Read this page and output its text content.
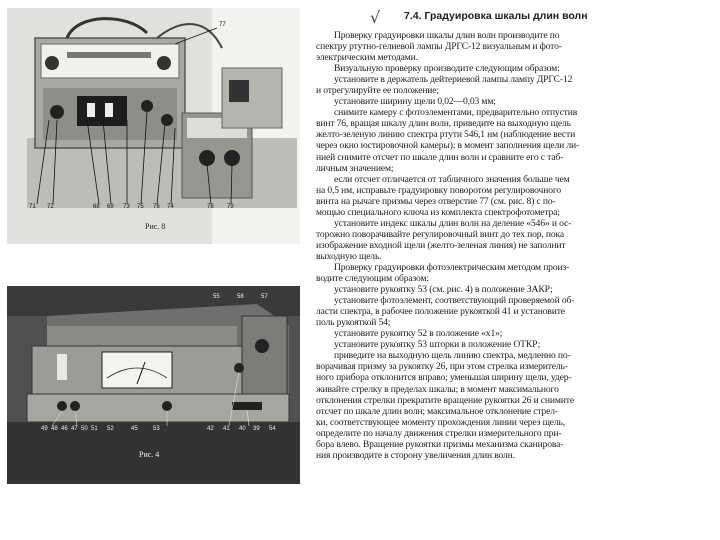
77
71 72	68 69 73 75 76 74	78 79
Рис. 8
55	58	57
49 48 46 47 50 51 52	45	53	42 41 40 39 54
Рис. 4
√ 7.4. Градуировка шкалы длин волн
Проверку градуировки шкалы длин волн производите по
спектру ртутно-гелиевой лампы ДРГС-12 визуальным и фото-
электрическим методами.
Визуальную проверку производите следующим образом:
установите в держатель дейтериевой лампы лампу ДРГС-12
и отрегулируйте ее положение;
установите ширину щели 0,02—0,03 мм;
снимите камеру с фотоэлементами, предварительно отпустив
винт 76, вращая шкалу длин волн, приведите на выходную щель
желто-зеленую линию спектра ртути 546,1 нм (наблюдение вести
через окно юстировочной камеры); в момент заполнения щели ли-
нией снимите отсчет по шкале длин волн и сравните его с таб-
личным значением;
если отсчет отличается от табличного значения больше чем
на 0,5 нм, исправьте градуировку поворотом регулировочного
винта на рычаге призмы через отверстие 77 (см. рис. 8) с по-
мощью специального ключа из комплекта спектрофотометра;
установите индекс шкалы длин волн на деление «546» и ос-
торожно поворачивайте регулировочный винт до тех пор, пока
изображение входной щели (желто-зеленая линия) не заполнит
выходную щель.
Проверку градуировки фотоэлектрическим методом произ-
водите следующим образом:
установите рукоятку 53 (см. рис. 4) в положение ЗАКР;
установите фотоэлемент, соответствующий проверяемой об-
ласти спектра, в рабочее положение рукояткой 41 и установите
поль рукояткой 54;
установите рукоятку 52 в положение «х1»;
установите рукоятку 53 шторки в положение ОТКР;
приведите на выходную щель линию спектра, медленно по-
ворачивая призму за рукоятку 26, при этом стрелка измеритель-
ного прибора отклонится вправо; уменьшая ширину щели, удер-
живайте стрелку в пределах шкалы; в момент максимального
отклонения стрелки прекратите вращение рукоятки 26 и снимите
отсчет по шкале длин волн; максимальное отклонение стрел-
ки, соответствующее моменту прохождения линии через щель,
определите по началу движения стрелки измерительного при-
бора влево. Вращение рукоятки призмы механизма сканирова-
ния производите в сторону увеличения длин волн.
